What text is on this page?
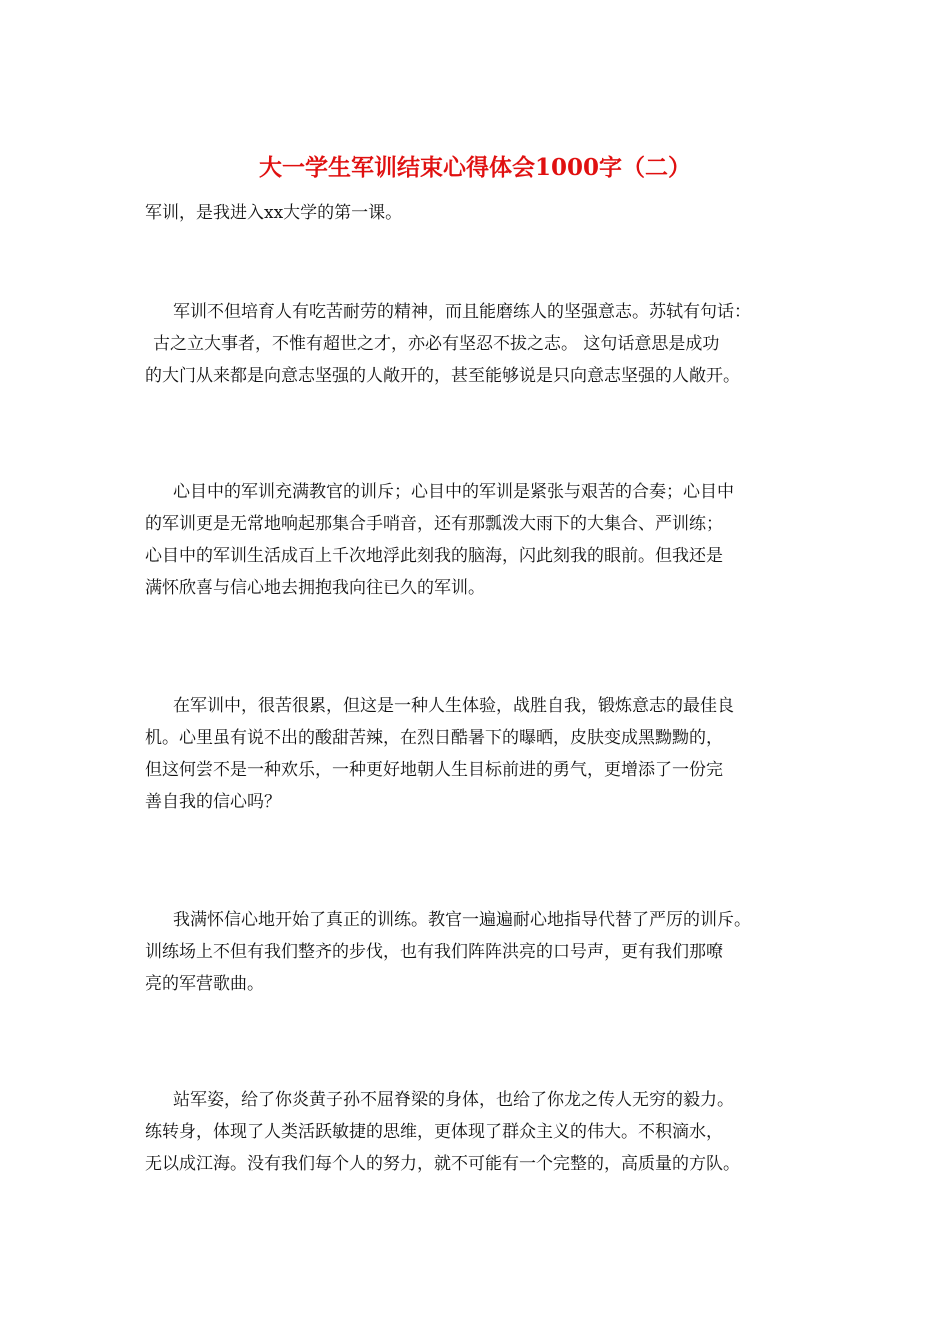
大一学生军训结束心得体会1000字（二）

军训，是我进入xx大学的第一课。

军训不但培育人有吃苦耐劳的精神，而且能磨练人的坚强意志。苏轼有句话：
古之立大事者，不惟有超世之才，亦必有坚忍不拔之志。 这句话意思是成功
的大门从来都是向意志坚强的人敞开的，甚至能够说是只向意志坚强的人敞开。
心目中的军训充满教官的训斥；心目中的军训是紧张与艰苦的合奏；心目中
的军训更是无常地响起那集合手哨音，还有那瓢泼大雨下的大集合、严训练；
心目中的军训生活成百上千次地浮此刻我的脑海，闪此刻我的眼前。但我还是
满怀欣喜与信心地去拥抱我向往已久的军训。
在军训中，很苦很累，但这是一种人生体验，战胜自我，锻炼意志的最佳良
机。心里虽有说不出的酸甜苦辣，在烈日酷暑下的曝晒，皮肤变成黑黝黝的，
但这何尝不是一种欢乐，一种更好地朝人生目标前进的勇气，更增添了一份完
善自我的信心吗？
我满怀信心地开始了真正的训练。教官一遍遍耐心地指导代替了严厉的训斥。
训练场上不但有我们整齐的步伐，也有我们阵阵洪亮的口号声，更有我们那嘹
亮的军营歌曲。
站军姿，给了你炎黄子孙不屈脊梁的身体，也给了你龙之传人无穷的毅力。
练转身，体现了人类活跃敏捷的思维，更体现了群众主义的伟大。不积滴水，
无以成江海。没有我们每个人的努力，就不可能有一个完整的，高质量的方队。
